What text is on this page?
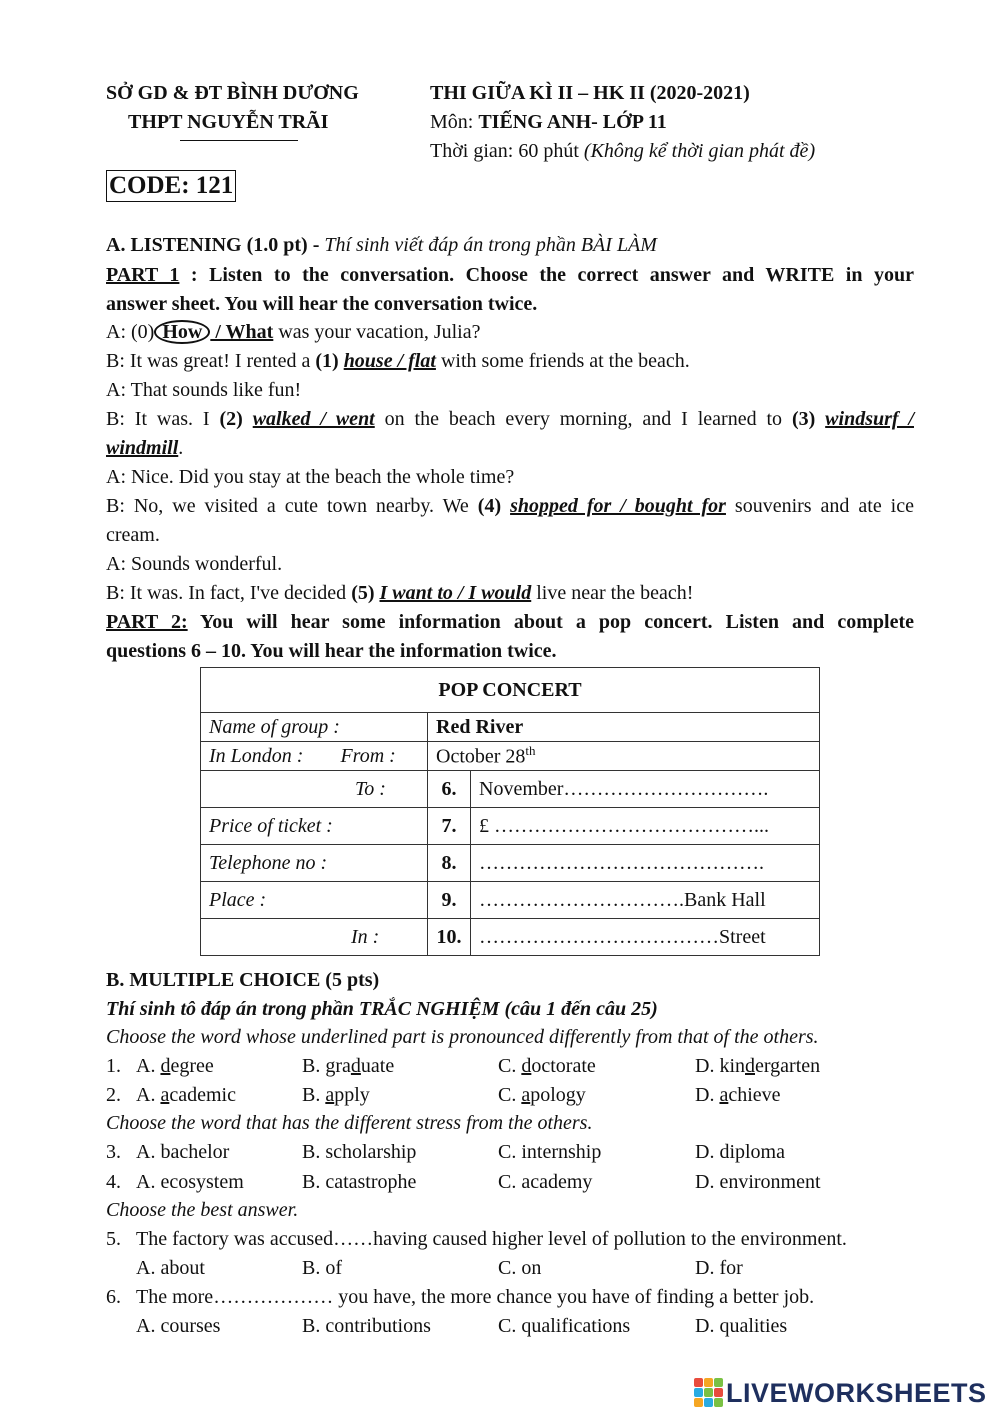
SỞ GD & ĐT BÌNH DƯƠNG
THPT NGUYỄN TRÃI
THI GIỮA KÌ II – HK II (2020-2021)
Môn: TIẾNG ANH- LỚP 11
Thời gian: 60 phút (Không kể thời gian phát đề)
CODE: 121
A. LISTENING (1.0 pt) - Thí sinh viết đáp án trong phần BÀI LÀM
PART 1 : Listen to the conversation. Choose the correct answer and WRITE in your
answer sheet. You will hear the conversation twice.
A: (0) How / What was your vacation, Julia?
B: It was great! I rented a (1) house / flat with some friends at the beach.
A: That sounds like fun!
B: It was. I (2) walked / went on the beach every morning, and I learned to (3) windsurf /
windmill.
A: Nice. Did you stay at the beach the whole time?
B: No, we visited a cute town nearby. We (4) shopped for / bought for souvenirs and ate ice
cream.
A: Sounds wonderful.
B: It was. In fact, I've decided (5) I want to / I would live near the beach!
PART 2: You will hear some information about a pop concert. Listen and complete
questions 6 – 10. You will hear the information twice.
POP CONCERT		
Name of group :	Red River	
In London : From :	October 28th
To :	6.	November………………………….
Price of ticket :	7.	£ …………………………………...
Telephone no :	8.	…………………………………….
Place :	9.	………………………….Bank Hall
In :	10.	………………………………Street
B. MULTIPLE CHOICE (5 pts)
Thí sinh tô đáp án trong phần TRẮC NGHIỆM (câu 1 đến câu 25)
Choose the word whose underlined part is pronounced differently from that of the others.
1. A. degree	B. graduate	C. doctorate	D. kindergarten
2. A. academic	B. apply	C. apology	D. achieve
Choose the word that has the different stress from the others.
3. A. bachelor	B. scholarship	C. internship	D. diploma
4. A. ecosystem	B. catastrophe	C. academy	D. environment
Choose the best answer.
5. The factory was accused……having caused higher level of pollution to the environment.
A. about	B. of	C. on	D. for
6. The more……………… you have, the more chance you have of finding a better job.
A. courses	B. contributions	C. qualifications	D. qualities
LIVEWORKSHEETS
